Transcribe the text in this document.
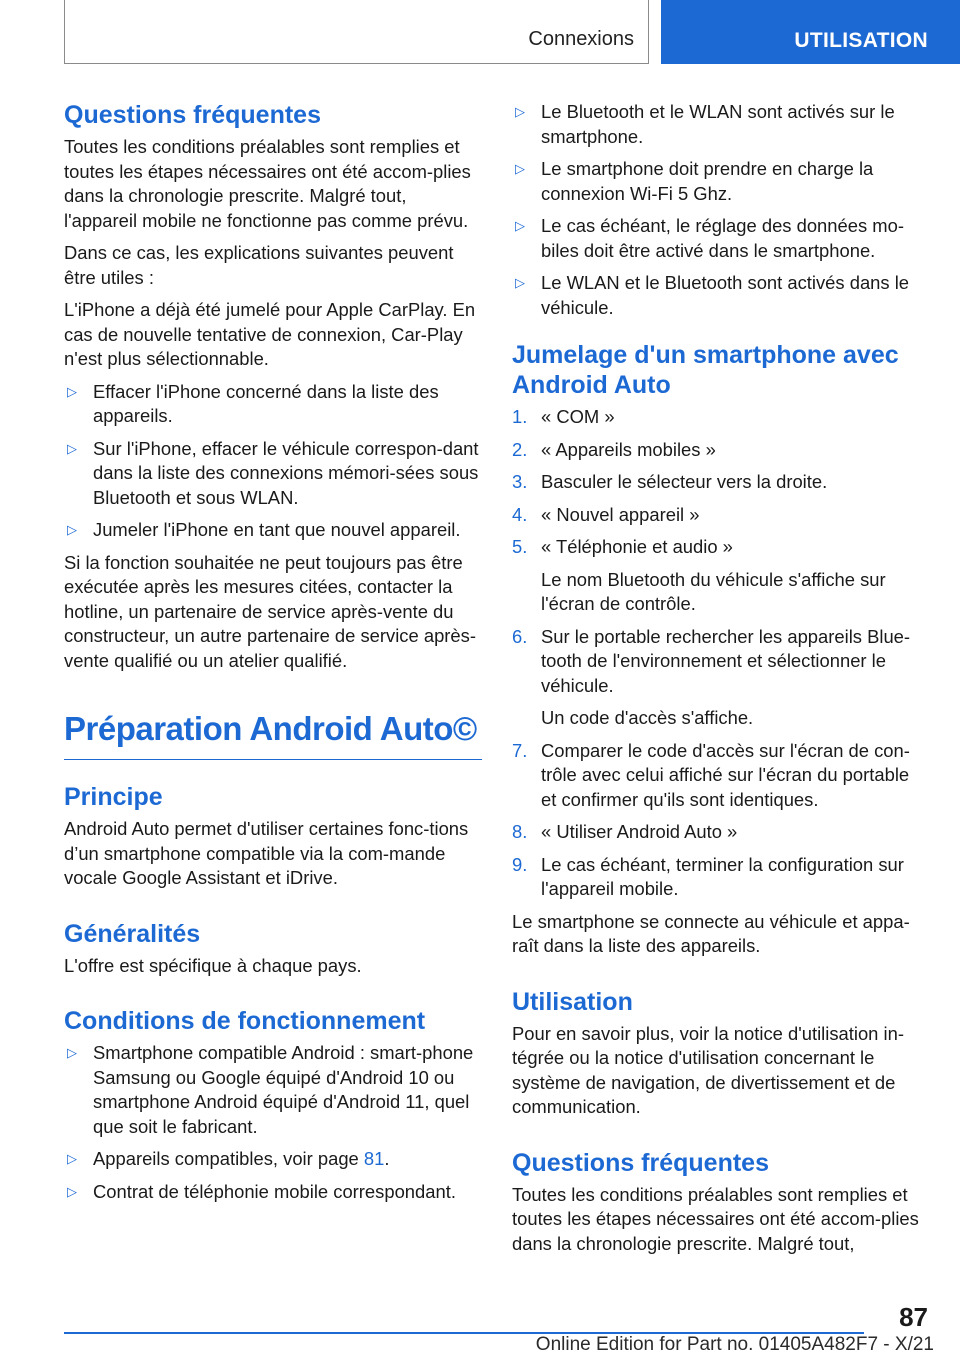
Connexions	UTILISATION
Questions fréquentes

Toutes les conditions préalables sont remplies et toutes les étapes nécessaires ont été accom-plies dans la chronologie prescrite. Malgré tout, l'appareil mobile ne fonctionne pas comme prévu.

Dans ce cas, les explications suivantes peuvent être utiles :

L'iPhone a déjà été jumelé pour Apple CarPlay. En cas de nouvelle tentative de connexion, Car-Play n'est plus sélectionnable.

▷ Effacer l'iPhone concerné dans la liste des appareils.
▷ Sur l'iPhone, effacer le véhicule correspon-dant dans la liste des connexions mémori-sées sous Bluetooth et sous WLAN.
▷ Jumeler l'iPhone en tant que nouvel appareil.

Si la fonction souhaitée ne peut toujours pas être exécutée après les mesures citées, contacter la hotline, un partenaire de service après-vente du constructeur, un autre partenaire de service après-vente qualifié ou un atelier qualifié.

Préparation Android Auto©
Principe

Android Auto permet d'utiliser certaines fonc-tions d’un smartphone compatible via la com-mande vocale Google Assistant et iDrive.

Généralités

L'offre est spécifique à chaque pays.

Conditions de fonctionnement
▷ Smartphone compatible Android : smart-phone Samsung ou Google équipé d'Android 10 ou smartphone Android équipé d'Android 11, quel que soit le fabricant.
▷ Appareils compatibles, voir page 81.
▷ Contrat de téléphonie mobile correspondant.
▷ Le Bluetooth et le WLAN sont activés sur le smartphone.
▷ Le smartphone doit prendre en charge la connexion Wi-Fi 5 Ghz.
▷ Le cas échéant, le réglage des données mo-biles doit être activé dans le smartphone.
▷ Le WLAN et le Bluetooth sont activés dans le véhicule.
Jumelage d'un smartphone avec Android Auto
1. « COM »
2. « Appareils mobiles »
3. Basculer le sélecteur vers la droite.
4. « Nouvel appareil »
5. « Téléphonie et audio »
Le nom Bluetooth du véhicule s'affiche sur l'écran de contrôle.
6. Sur le portable rechercher les appareils Blue-tooth de l'environnement et sélectionner le véhicule.
Un code d'accès s'affiche.
7. Comparer le code d'accès sur l'écran de con-trôle avec celui affiché sur l'écran du portable et confirmer qu'ils sont identiques.
8. « Utiliser Android Auto »
9. Le cas échéant, terminer la configuration sur l'appareil mobile.

Le smartphone se connecte au véhicule et appa-raît dans la liste des appareils.

Utilisation

Pour en savoir plus, voir la notice d'utilisation in-tégrée ou la notice d'utilisation concernant le système de navigation, de divertissement et de communication.

Questions fréquentes

Toutes les conditions préalables sont remplies et toutes les étapes nécessaires ont été accom-plies dans la chronologie prescrite. Malgré tout,

87
Online Edition for Part no. 01405A482F7 - X/21
